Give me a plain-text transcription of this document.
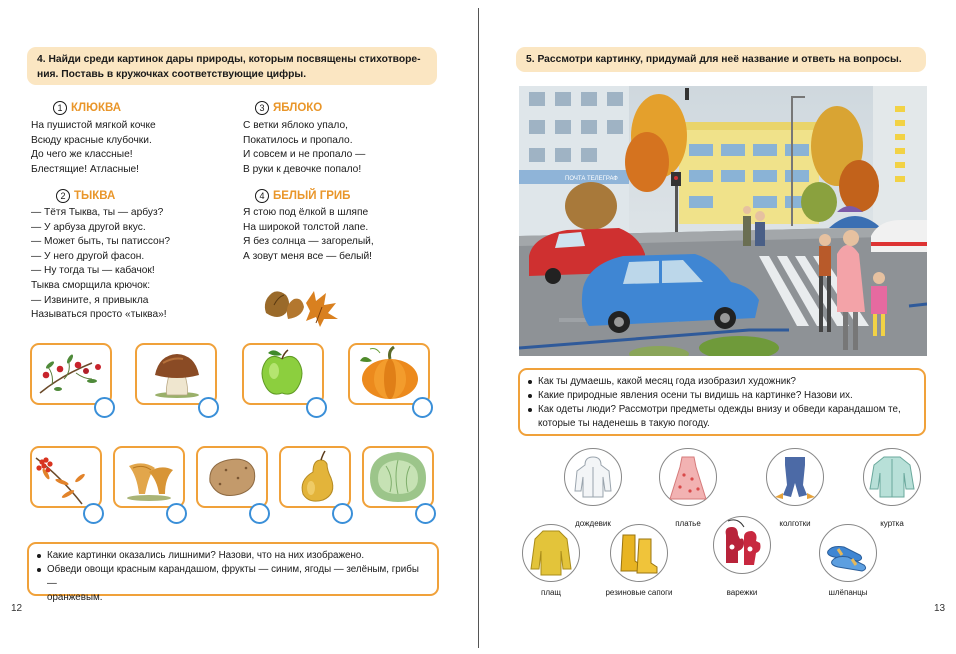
4. Найди среди картинок дары природы, которым посвящены стихотворе-
ния. Поставь в кружочках соответствующие цифры.
1 КЛЮКВА
На пушистой мягкой кочке
Всюду красные клубочки.
До чего же классные!
Блестящие! Атласные!
2 ТЫКВА
— Тётя Тыква, ты — арбуз?
— У арбуза другой вкус.
— Может быть, ты патиссон?
— У него другой фасон.
— Ну тогда ты — кабачок!
Тыква сморщила крючок:
— Извините, я привыкла
Называться просто «тыква»!
3 ЯБЛОКО
С ветки яблоко упало,
Покатилось и пропало.
И совсем и не пропало —
В руки к девочке попало!
4 БЕЛЫЙ ГРИБ
Я стою под ёлкой в шляпе
На широкой толстой лапе.
Я без солнца — загорелый,
А зовут меня все — белый!
Какие картинки оказались лишними? Назови, что на них изображено.
Обведи овощи красным карандашом, фрукты — синим, ягоды — зелёным, грибы —
оранжевым.
12
5. Рассмотри картинку, придумай для неё название и ответь на вопросы.
ПОЧТА ТЕЛЕГРАФ
Как ты думаешь, какой месяц года изобразил художник?
Какие природные явления осени ты видишь на картинке? Назови их.
Как одеты люди? Рассмотри предметы одежды внизу и обведи карандашом те,
которые ты наденешь в такую погоду.
дождевик	платье	колготки	куртка
плащ	резиновые сапоги	варежки	шлёпанцы
13
